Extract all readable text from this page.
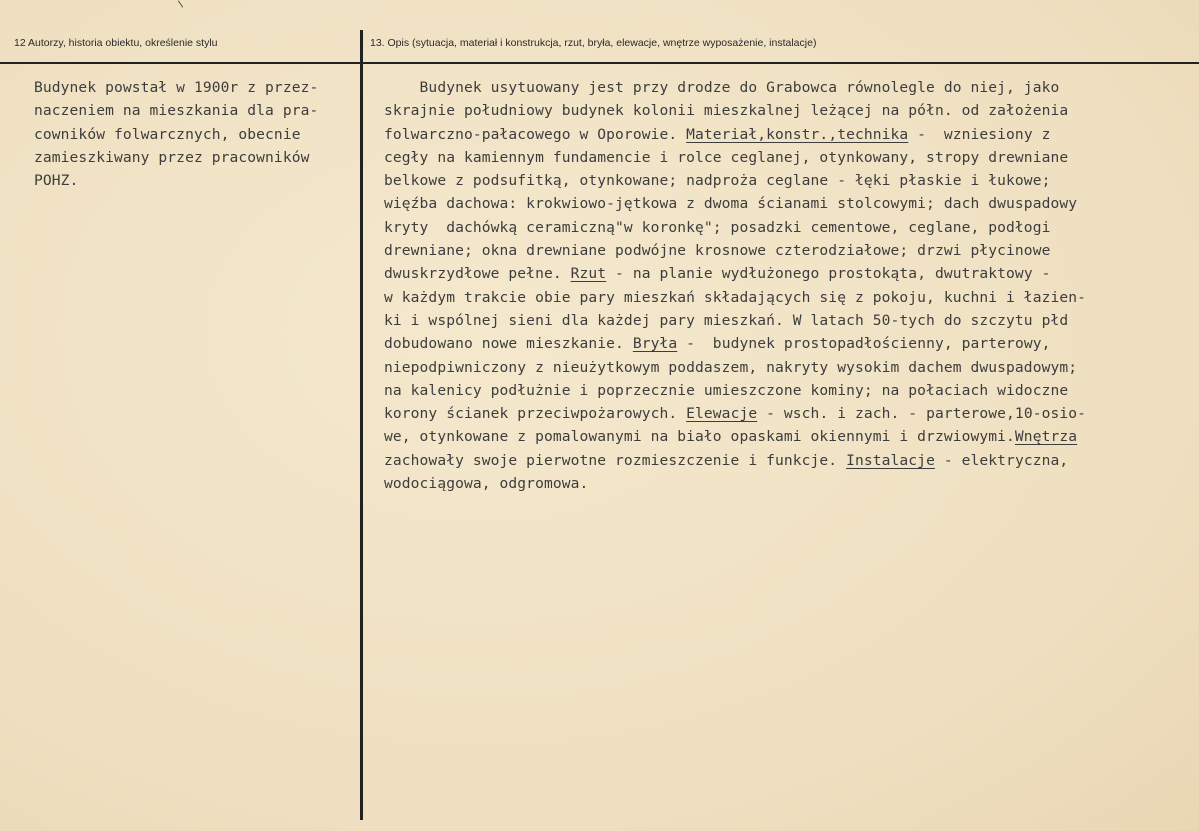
12 Autorzy, historia obiektu, określenie stylu	13. Opis (sytuacja, materiał i konstrukcja, rzut, bryła, elewacje, wnętrze wyposażenie, instalacje)
Budynek powstał w 1900r z przez-
naczeniem na mieszkania dla pra-
cowników folwarcznych, obecnie
zamieszkiwany przez pracowników
POHZ.
Budynek usytuowany jest przy drodze do Grabowca równolegle do niej, jako
skrajnie południowy budynek kolonii mieszkalnej leżącej na półn. od założenia
folwarczno-pałacowego w Oporowie. Materiał,konstr.,technika -  wzniesiony z
cegły na kamiennym fundamencie i rolce ceglanej, otynkowany, stropy drewniane
belkowe z podsufitką, otynkowane; nadproża ceglane - łęki płaskie i łukowe;
więźba dachowa: krokwiowo-jętkowa z dwoma ścianami stolcowymi; dach dwuspadowy
kryty  dachówką ceramiczną"w koronkę"; posadzki cementowe, ceglane, podłogi
drewniane; okna drewniane podwójne krosnowe czterodziałowe; drzwi płycinowe
dwuskrzydłowe pełne. Rzut - na planie wydłużonego prostokąta, dwutraktowy -
w każdym trakcie obie pary mieszkań składających się z pokoju, kuchni i łazien-
ki i wspólnej sieni dla każdej pary mieszkań. W latach 50-tych do szczytu płd
dobudowano nowe mieszkanie. Bryła -  budynek prostopadłościenny, parterowy,
niepodpiwniczony z nieużytkowym poddaszem, nakryty wysokim dachem dwuspadowym;
na kalenicy podłużnie i poprzecznie umieszczone kominy; na połaciach widoczne
korony ścianek przeciwpożarowych. Elewacje - wsch. i zach. - parterowe,10-osio-
we, otynkowane z pomalowanymi na biało opaskami okiennymi i drzwiowymi.Wnętrza
zachowały swoje pierwotne rozmieszczenie i funkcje. Instalacje - elektryczna,
wodociągowa, odgromowa.
